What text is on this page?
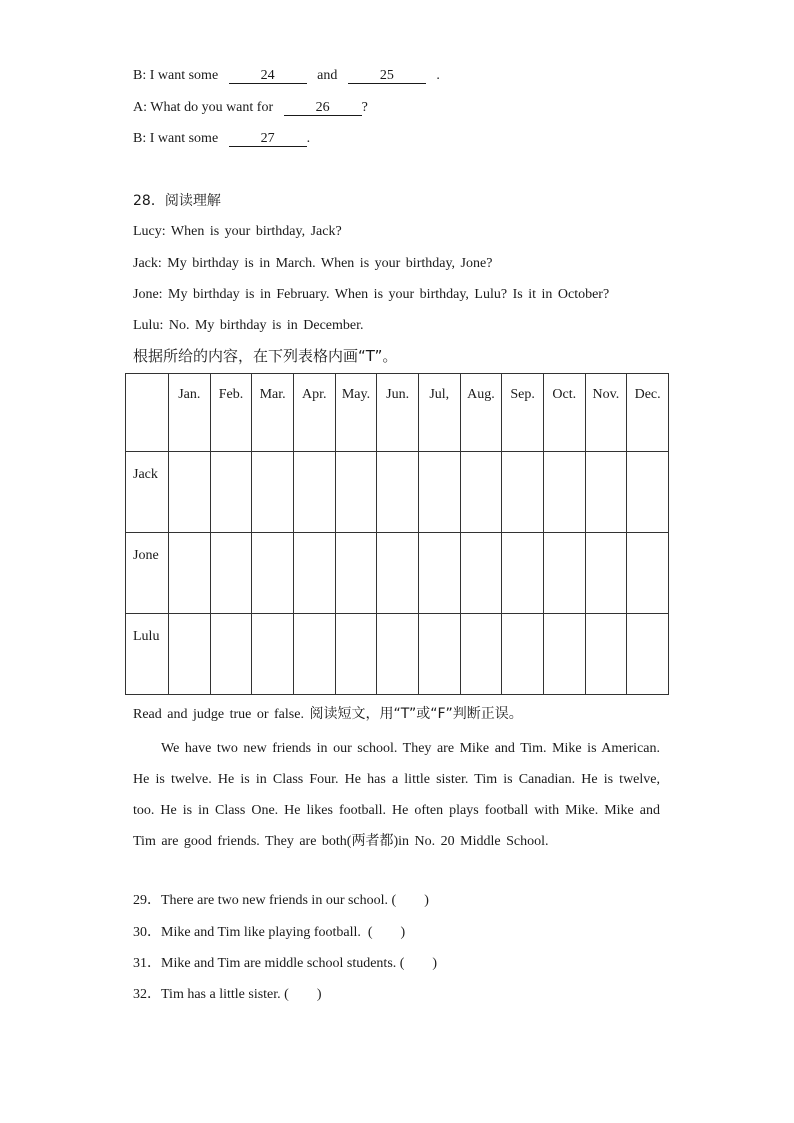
B: I want some	24	and	25	.
A: What do you want for	26 ?
B: I want some	27 .
28．阅读理解
Lucy: When is your birthday, Jack?
Jack: My birthday is in March. When is your birthday, Jone?
Jone: My birthday is in February. When is your birthday, Lulu? Is it in October?
Lulu: No. My birthday is in December.
根据所给的内容，在下列表格内画“T”。
	Jan.	Feb.	Mar.	Apr.	May.	Jun.	Jul,	Aug.	Sep.	Oct.	Nov.	Dec.
Jack												
Jone												
Lulu												
Read and judge true or false. 阅读短文，用“T”或“F”判断正误。
We have two new friends in our school. They are Mike and Tim. Mike is American. He is twelve. He is in Class Four. He has a little sister. Tim is Canadian. He is twelve, too. He is in Class One. He likes football. He often plays football with Mike. Mike and Tim are good friends. They are both(两者都)in No. 20 Middle School.
29．There are two new friends in our school. (        )
30．Mike and Tim like playing football. (        )
31．Mike and Tim are middle school students. (        )
32．Tim has a little sister. (        )
